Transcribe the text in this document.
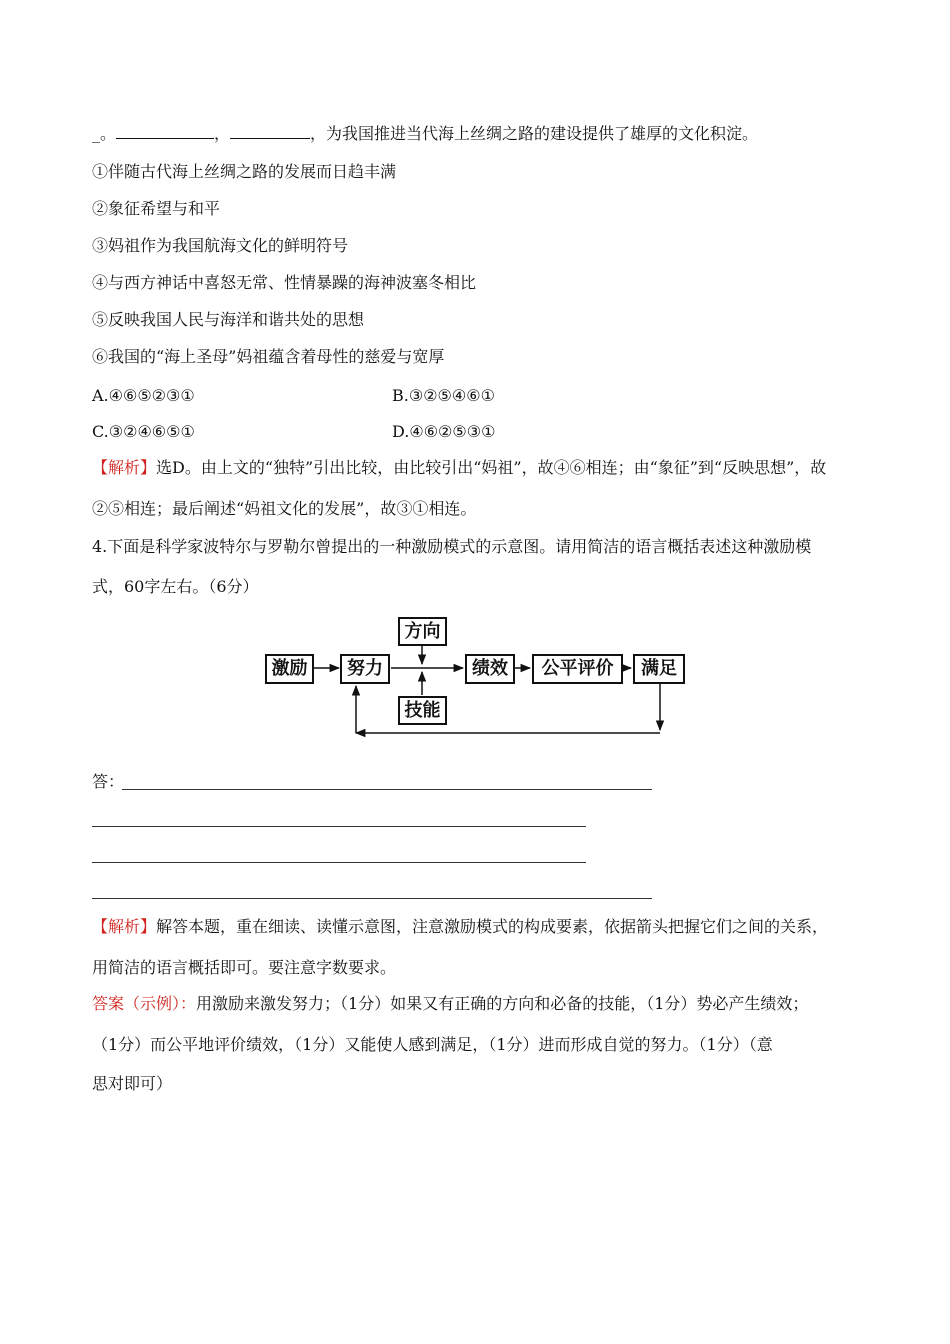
_。	，	，为我国推进当代海上丝绸之路的建设提供了雄厚的文化积淀。
①伴随古代海上丝绸之路的发展而日趋丰满
②象征希望与和平
③妈祖作为我国航海文化的鲜明符号
④与西方神话中喜怒无常、性情暴躁的海神波塞冬相比
⑤反映我国人民与海洋和谐共处的思想
⑥我国的“海上圣母”妈祖蕴含着母性的慈爱与宽厚
A.④⑥⑤②③①	B.③②⑤④⑥①
C.③②④⑥⑤①	D.④⑥②⑤③①
【解析】选D。由上文的“独特”引出比较，由比较引出“妈祖”，故④⑥相连；由“象征”到“反映思想”，故
②⑤相连；最后阐述“妈祖文化的发展”，故③①相连。
4.下面是科学家波特尔与罗勒尔曾提出的一种激励模式的示意图。请用简洁的语言概括表述这种激励模
式，60字左右。（6分）
激励	努力
方向
技能
绩效	公平评价	满足
答：
【解析】解答本题，重在细读、读懂示意图，注意激励模式的构成要素，依据箭头把握它们之间的关系，
用简洁的语言概括即可。要注意字数要求。
答案（示例）：用激励来激发努力；（1分）如果又有正确的方向和必备的技能，（1分）势必产生绩效；
（1分）而公平地评价绩效，（1分）又能使人感到满足，（1分）进而形成自觉的努力。（1分）（意
思对即可）
